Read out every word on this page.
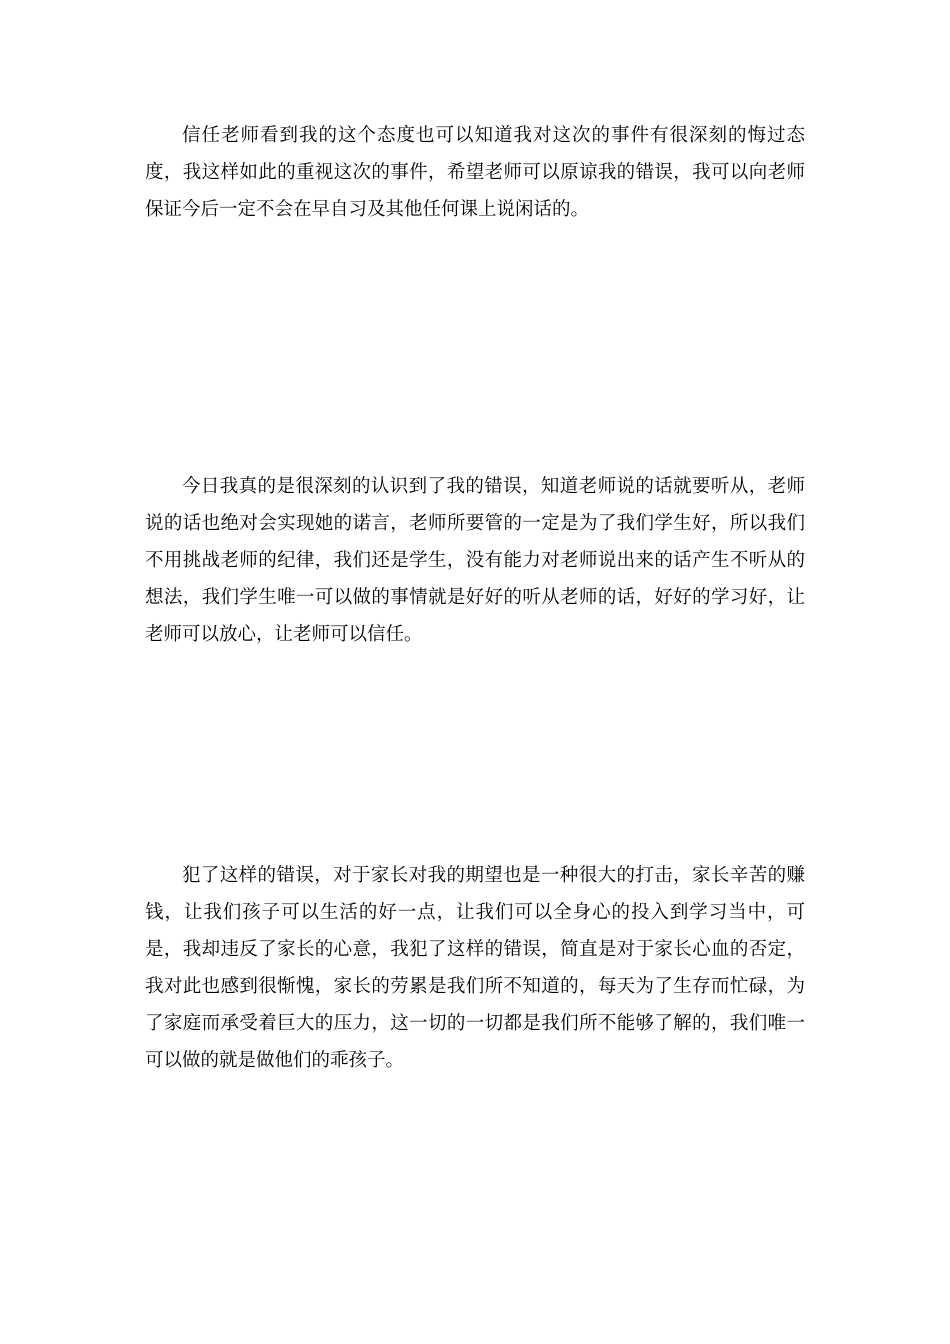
信任老师看到我的这个态度也可以知道我对这次的事件有很深刻的悔过态度，我这样如此的重视这次的事件，希望老师可以原谅我的错误，我可以向老师保证今后一定不会在早自习及其他任何课上说闲话的。

今日我真的是很深刻的认识到了我的错误，知道老师说的话就要听从，老师说的话也绝对会实现她的诺言，老师所要管的一定是为了我们学生好，所以我们不用挑战老师的纪律，我们还是学生，没有能力对老师说出来的话产生不听从的想法，我们学生唯一可以做的事情就是好好的听从老师的话，好好的学习好，让老师可以放心，让老师可以信任。

犯了这样的错误，对于家长对我的期望也是一种很大的打击，家长辛苦的赚钱，让我们孩子可以生活的好一点，让我们可以全身心的投入到学习当中，可是，我却违反了家长的心意，我犯了这样的错误，简直是对于家长心血的否定，我对此也感到很惭愧，家长的劳累是我们所不知道的，每天为了生存而忙碌，为了家庭而承受着巨大的压力，这一切的一切都是我们所不能够了解的，我们唯一可以做的就是做他们的乖孩子。
